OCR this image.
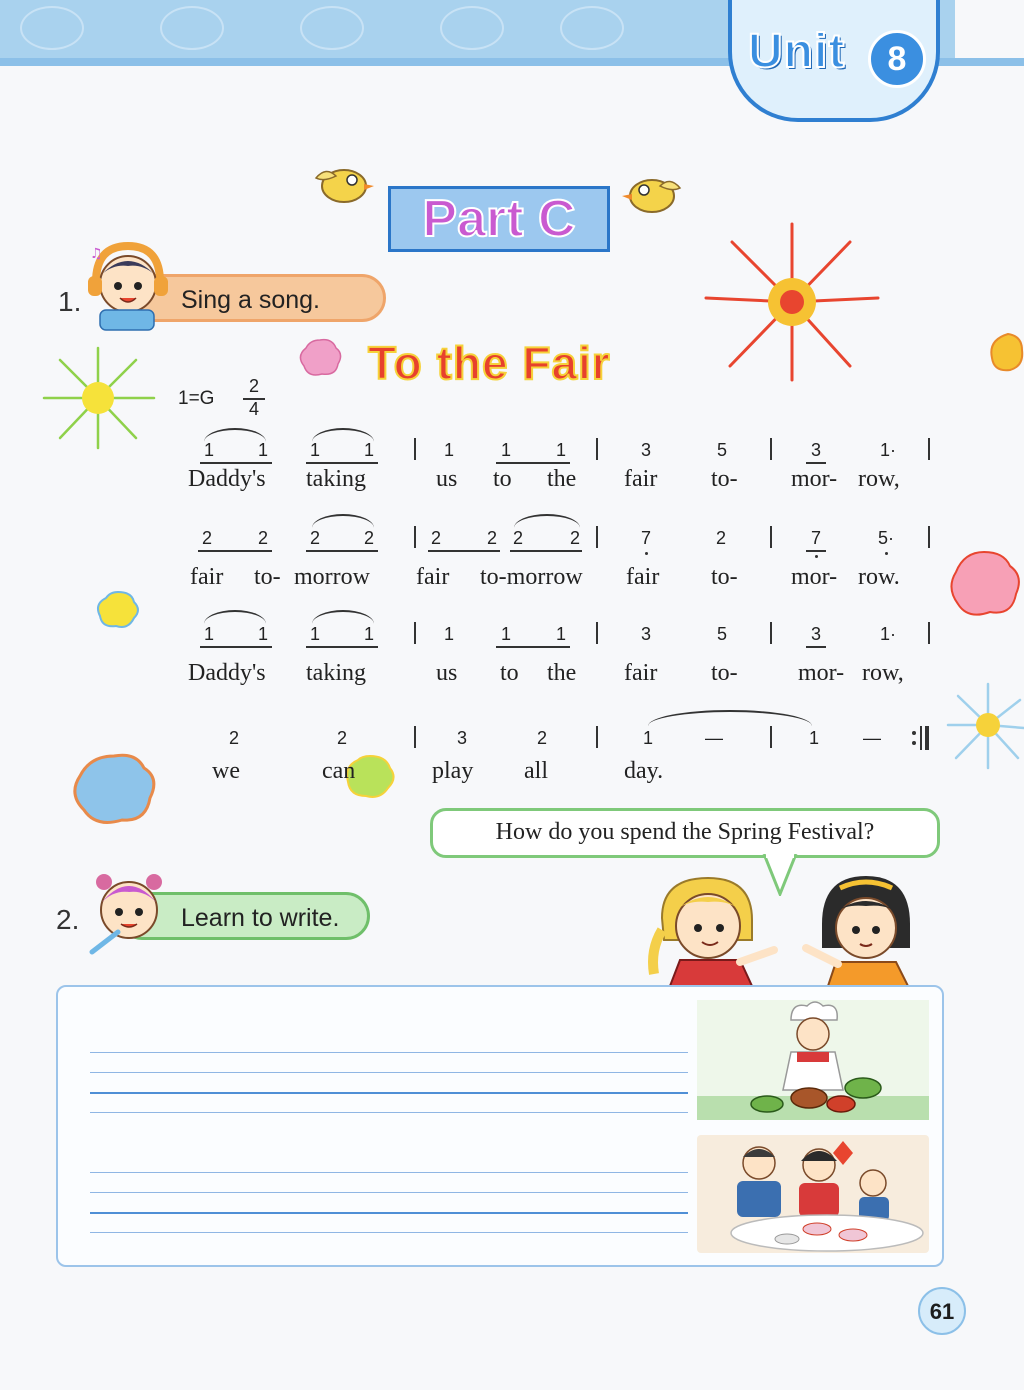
Unit	8
Part C
1.	Sing a song.
♫
To the Fair
1=G
2
4
1 1 1 1	1	1 1	3	5	3	1·
Daddy's taking	us to the fair to- mor- row,
2	2 2 2	2	2 2	2	7	2	7	5·
fair to- morrow fair to-morrow fair to- mor- row.
1 1 1 1	1	1 1	3	5	3	1·
Daddy's taking	us to the fair to-	mor- row,
2	2	3	2	1	—	1 —
we	can	play all	day.
How do you spend the Spring Festival?
2.	Learn to write.
61
